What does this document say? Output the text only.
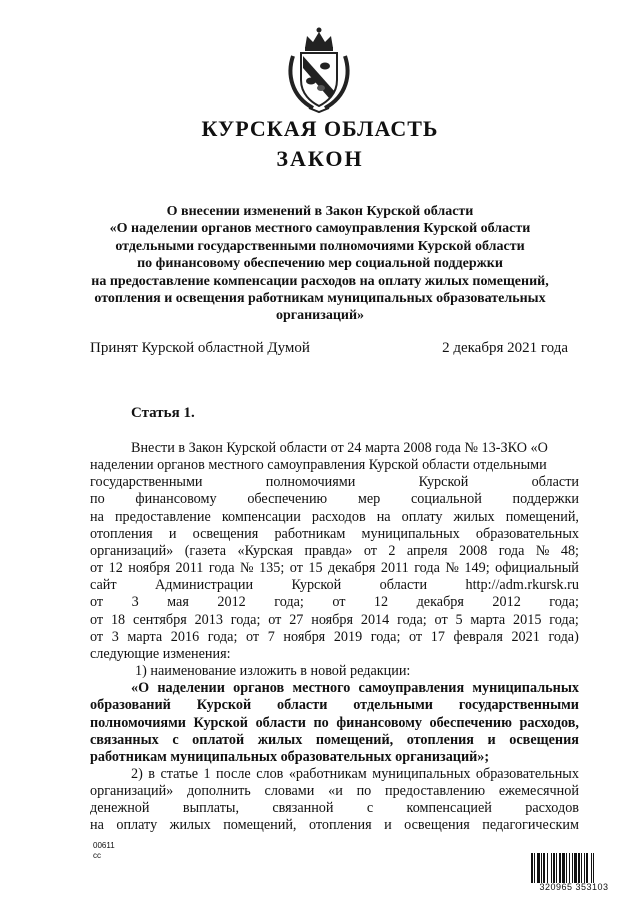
КУРСКАЯ ОБЛАСТЬ
ЗАКОН
О внесении изменений в Закон Курской области
«О наделении органов местного самоуправления Курской области
отдельными государственными полномочиями Курской области
по финансовому обеспечению мер социальной поддержки
на предоставление компенсации расходов на оплату жилых помещений,
отопления и освещения работникам муниципальных образовательных
организаций»
Принят Курской областной Думой	2 декабря 2021 года
Статья 1.
Внести в Закон Курской области от 24 марта 2008 года № 13-ЗКО «О
наделении органов местного самоуправления Курской области отдельными
государственными	полномочиями	Курской	области
по финансовому обеспечению мер социальной поддержки
на предоставление компенсации расходов на оплату жилых помещений,
отопления и освещения работникам муниципальных образовательных
организаций» (газета «Курская правда» от 2 апреля 2008 года № 48;
от 12 ноября 2011 года № 135; от 15 декабря 2011 года № 149; официальный
сайт	Администрации	Курской	области	http://adm.rkursk.ru
от 3 мая 2012 года; от 12 декабря 2012 года;
от 18 сентября 2013 года; от 27 ноября 2014 года; от 5 марта 2015 года;
от 3 марта 2016 года; от 7 ноября 2019 года; от 17 февраля 2021 года)
следующие изменения:
1) наименование изложить в новой редакции:
«О наделении органов местного самоуправления муниципальных
образований Курской области отдельными государственными
полномочиями Курской области по финансовому обеспечению расходов,
связанных с оплатой жилых помещений, отопления и освещения
работникам муниципальных образовательных организаций»;
2) в статье 1 после слов «работникам муниципальных образовательных
организаций» дополнить словами «и по предоставлению ежемесячной
денежной выплаты, связанной с компенсацией расходов
на оплату жилых помещений, отопления и освещения педагогическим
00611
сс
320965 353103
